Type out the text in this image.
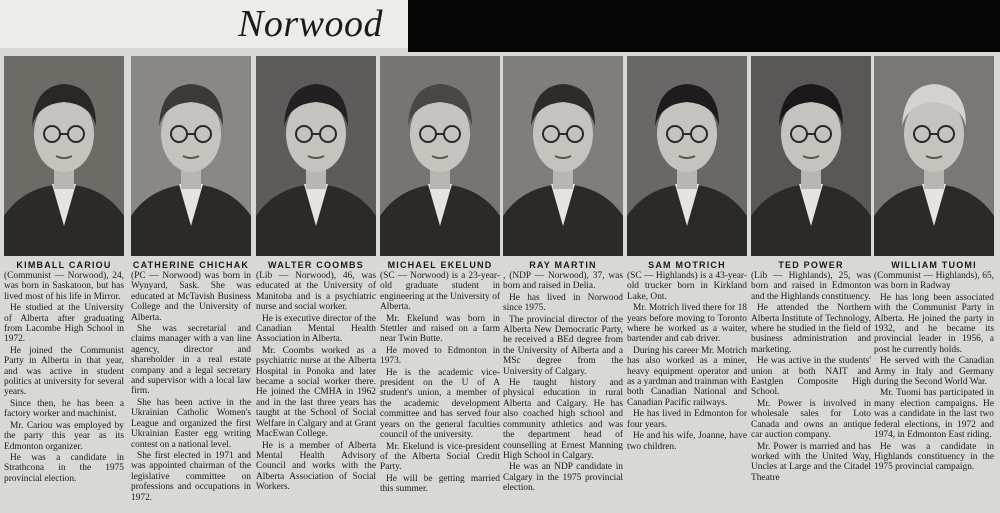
Norwood
KIMBALL CARIOU

(Communist — Norwood), 24, was born in Saskatoon, but has lived most of his life in Mirror.

He studied at the University of Alberta after graduating from Lacombe High School in 1972.

He joined the Communist Party in Alberta in that year, and was active in student politics at university for several years.

Since then, he has been a factory worker and machinist.

Mr. Cariou was employed by the party this year as its Edmonton organizer.

He was a candidate in Strathcona in the 1975 provincial election.

CATHERINE CHICHAK

(PC — Norwood) was born in Wynyard, Sask. She was educated at McTavish Business College and the University of Alberta.

She was secretarial and claims manager with a van line agency, director and shareholder in a real estate company and a legal secretary and supervisor with a local law firm.

She has been active in the Ukrainian Catholic Women's League and organized the first Ukrainian Easter egg writing contest on a national level.

She first elected in 1971 and was appointed chairman of the legislative committee on professions and occupations in 1972.

WALTER COOMBS

(Lib — Norwood), 46, was educated at the University of Manitoba and is a psychiatric nurse and social worker.

He is executive director of the Canadian Mental Health Association in Alberta.

Mr. Coombs worked as a psychiatric nurse at the Alberta Hospital in Ponoka and later became a social worker there. He joined the CMHA in 1962 and in the last three years has taught at the School of Social Welfare in Calgary and at Grant MacEwan College.

He is a member of Alberta Mental Health Advisory Council and works with the Alberta Association of Social Workers.

MICHAEL EKELUND

(SC — Norwood) is a 23-year-old graduate student in engineering at the University of Alberta.

Mr. Ekelund was born in Stettler and raised on a farm near Twin Butte.

He moved to Edmonton in 1973.

He is the academic vice-president on the U of A student's union, a member of the academic development committee and has served four years on the general faculties council of the university.

Mr. Ekelund is vice-president of the Alberta Social Credit Party.

He will be getting married this summer.

RAY MARTIN

, (NDP — Norwood), 37, was born and raised in Delia.

He has lived in Norwood since 1975.

The provincial director of the Alberta New Democratic Party, he received a BEd degree from the University of Alberta and a MSc degree from the University of Calgary.

He taught history and physical education in rural Alberta and Calgary. He has also coached high school and community athletics and was the department head of counselling at Ernest Manning High School in Calgary.

He was an NDP candidate in Calgary in the 1975 provincial election.

SAM MOTRICH

(SC — Highlands) is a 43-year-old trucker born in Kirkland Lake, Ont.

Mr. Motrich lived there for 18 years before moving to Toronto where he worked as a waiter, bartender and cab driver.

During his career Mr. Motrich has also worked as a miner, heavy equipment operator and as a yardman and trainman with both Canadian National and Canadian Pacific railways.

He has lived in Edmonton for four years.

He and his wife, Joanne, have two children.

TED POWER

(Lib — Highlands), 25, was born and raised in Edmonton and the Highlands constituency.

He attended the Northern Alberta Institute of Technology, where he studied in the field of business administration and marketing.

He was active in the students' union at both NAIT and Eastglen Composite High School.

Mr. Power is involved in wholesale sales for Loto Canada and owns an antique car auction company.

Mr. Power is married and has worked with the United Way, Uncles at Large and the Citadel Theatre

WILLIAM TUOMI

(Communist — Highlands), 65, was born in Radway

He has long been associated with the Communist Party in Alberta. He joined the party in 1932, and he became its provincial leader in 1956, a post he currently holds.

He served with the Canadian Army in Italy and Germany during the Second World War.

Mr. Tuomi has participated in many election campaigns. He was a candidate in the last two federal elections, in 1972 and 1974, in Edmonton East riding.

He was a candidate in Highlands constituency in the 1975 provincial campaign.
